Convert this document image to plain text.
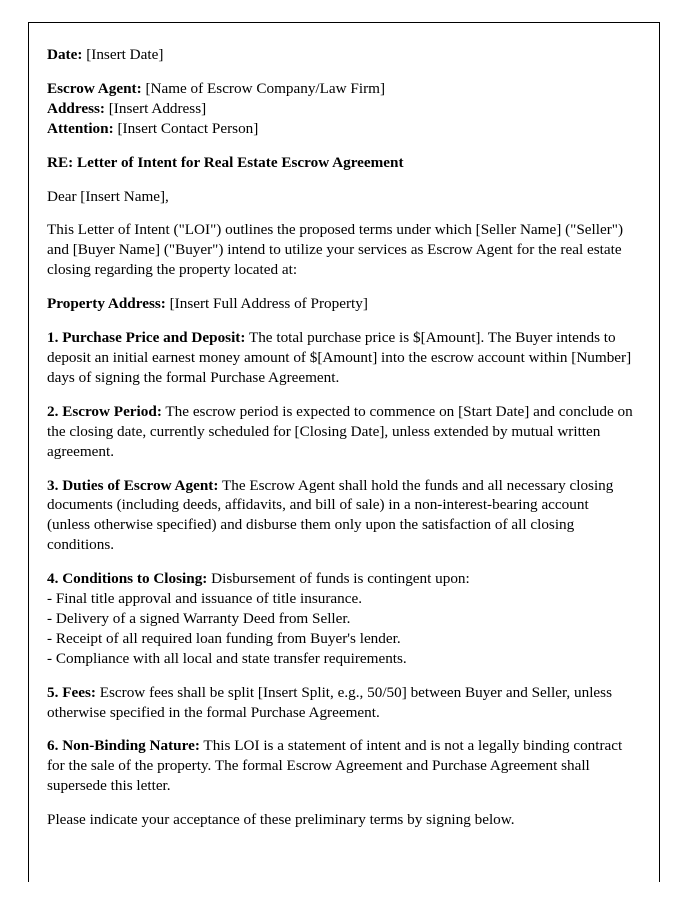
Date: [Insert Date]

Escrow Agent: [Name of Escrow Company/Law Firm]

Address: [Insert Address]

Attention: [Insert Contact Person]

RE: Letter of Intent for Real Estate Escrow Agreement

Dear [Insert Name],

This Letter of Intent ("LOI") outlines the proposed terms under which [Seller Name] ("Seller") and [Buyer Name] ("Buyer") intend to utilize your services as Escrow Agent for the real estate closing regarding the property located at:

Property Address: [Insert Full Address of Property]

1. Purchase Price and Deposit: The total purchase price is $[Amount]. The Buyer intends to deposit an initial earnest money amount of $[Amount] into the escrow account within [Number] days of signing the formal Purchase Agreement.

2. Escrow Period: The escrow period is expected to commence on [Start Date] and conclude on the closing date, currently scheduled for [Closing Date], unless extended by mutual written agreement.

3. Duties of Escrow Agent: The Escrow Agent shall hold the funds and all necessary closing documents (including deeds, affidavits, and bill of sale) in a non-interest-bearing account (unless otherwise specified) and disburse them only upon the satisfaction of all closing conditions.

4. Conditions to Closing: Disbursement of funds is contingent upon:

- Final title approval and issuance of title insurance.

- Delivery of a signed Warranty Deed from Seller.

- Receipt of all required loan funding from Buyer's lender.

- Compliance with all local and state transfer requirements.

5. Fees: Escrow fees shall be split [Insert Split, e.g., 50/50] between Buyer and Seller, unless otherwise specified in the formal Purchase Agreement.

6. Non-Binding Nature: This LOI is a statement of intent and is not a legally binding contract for the sale of the property. The formal Escrow Agreement and Purchase Agreement shall supersede this letter.

Please indicate your acceptance of these preliminary terms by signing below.
